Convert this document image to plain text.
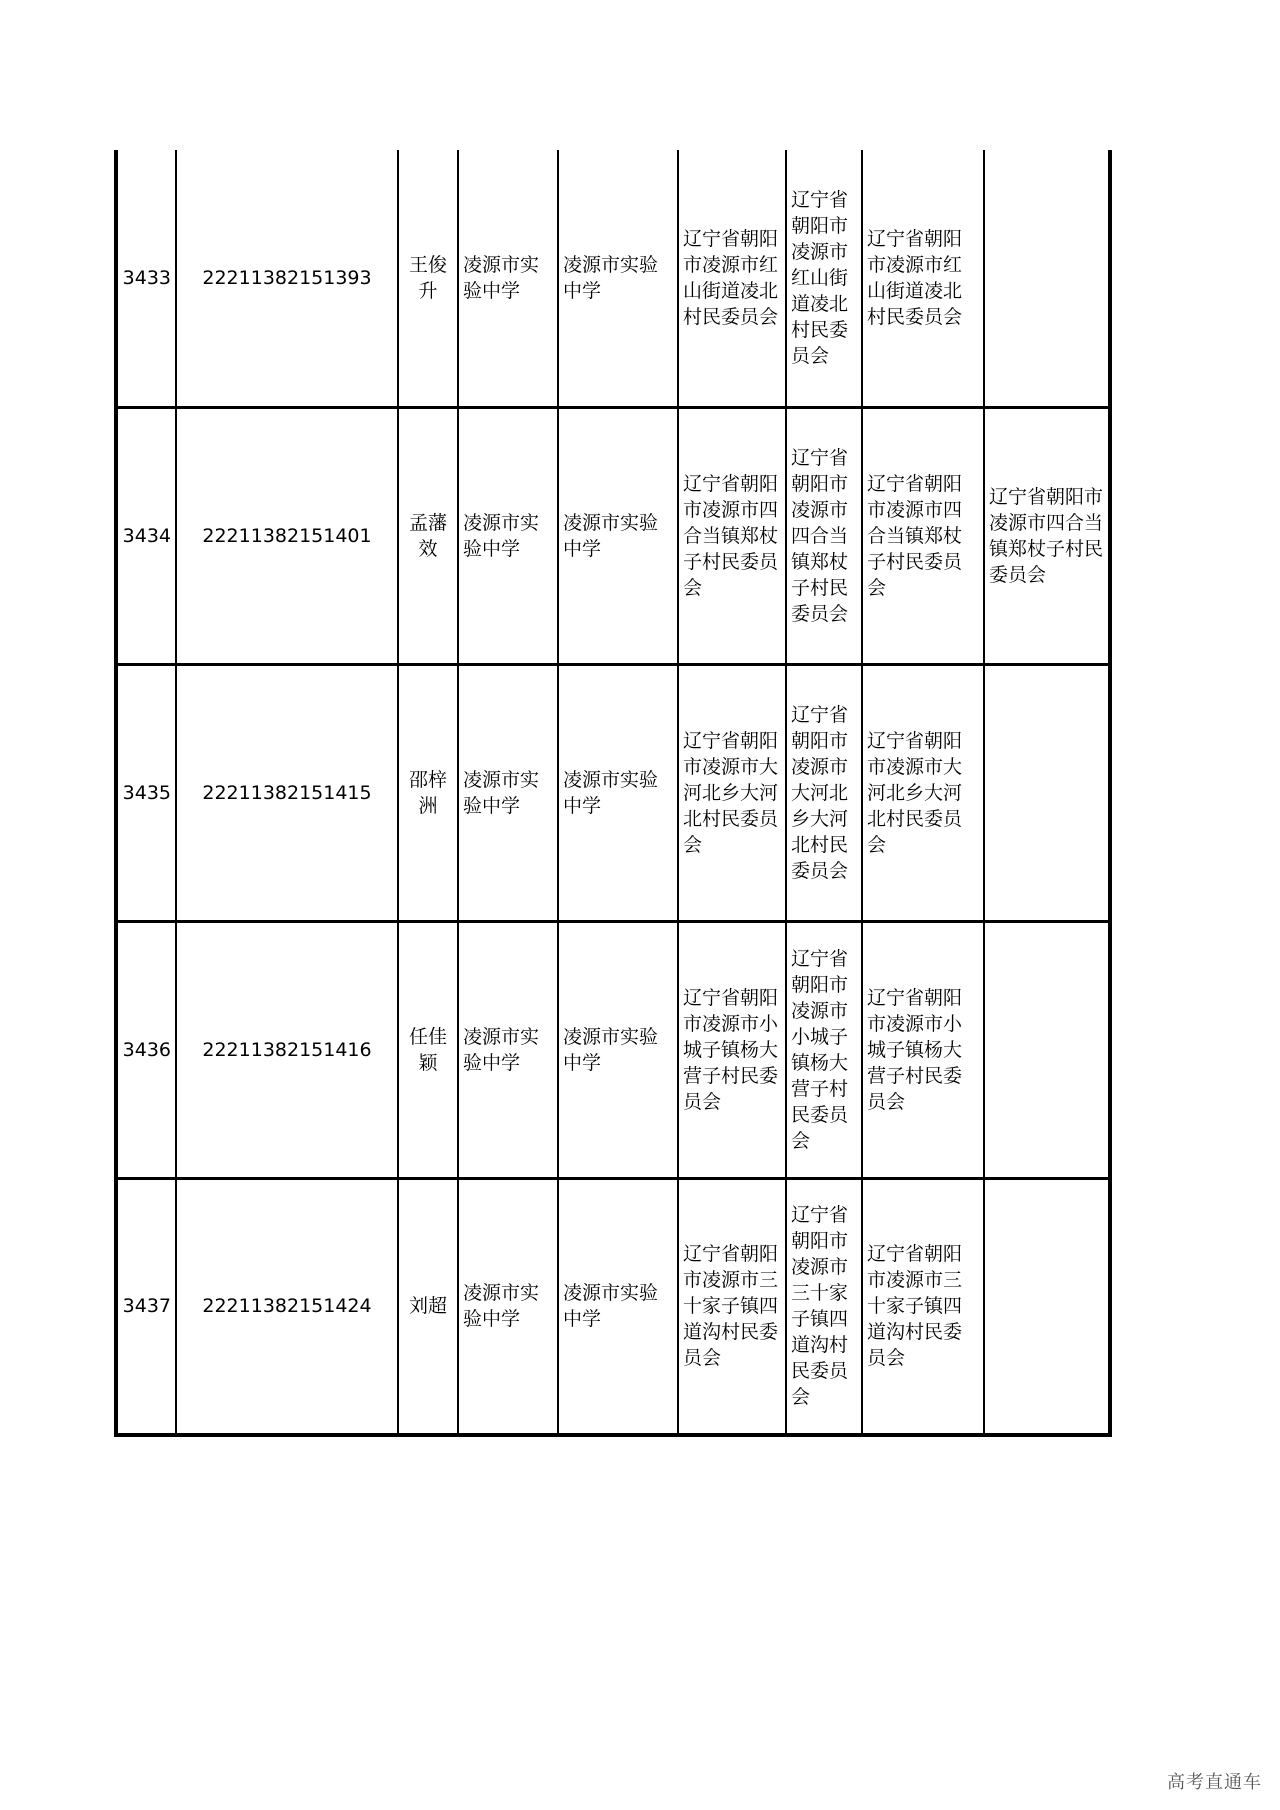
3433	22211382151393	王俊升	凌源市实验中学	凌源市实验中学	辽宁省朝阳市凌源市红山街道凌北村民委员会	辽宁省朝阳市凌源市红山街道凌北村民委员会	辽宁省朝阳市凌源市红山街道凌北村民委员会	
3434	22211382151401	孟藩效	凌源市实验中学	凌源市实验中学	辽宁省朝阳市凌源市四合当镇郑杖子村民委员会	辽宁省朝阳市凌源市四合当镇郑杖子村民委员会	辽宁省朝阳市凌源市四合当镇郑杖子村民委员会	辽宁省朝阳市凌源市四合当镇郑杖子村民委员会
3435	22211382151415	邵梓洲	凌源市实验中学	凌源市实验中学	辽宁省朝阳市凌源市大河北乡大河北村民委员会	辽宁省朝阳市凌源市大河北乡大河北村民委员会	辽宁省朝阳市凌源市大河北乡大河北村民委员会	
3436	22211382151416	任佳颖	凌源市实验中学	凌源市实验中学	辽宁省朝阳市凌源市小城子镇杨大营子村民委员会	辽宁省朝阳市凌源市小城子镇杨大营子村民委员会	辽宁省朝阳市凌源市小城子镇杨大营子村民委员会	
3437	22211382151424	刘超	凌源市实验中学	凌源市实验中学	辽宁省朝阳市凌源市三十家子镇四道沟村民委员会	辽宁省朝阳市凌源市三十家子镇四道沟村民委员会	辽宁省朝阳市凌源市三十家子镇四道沟村民委员会	
高考直通车
